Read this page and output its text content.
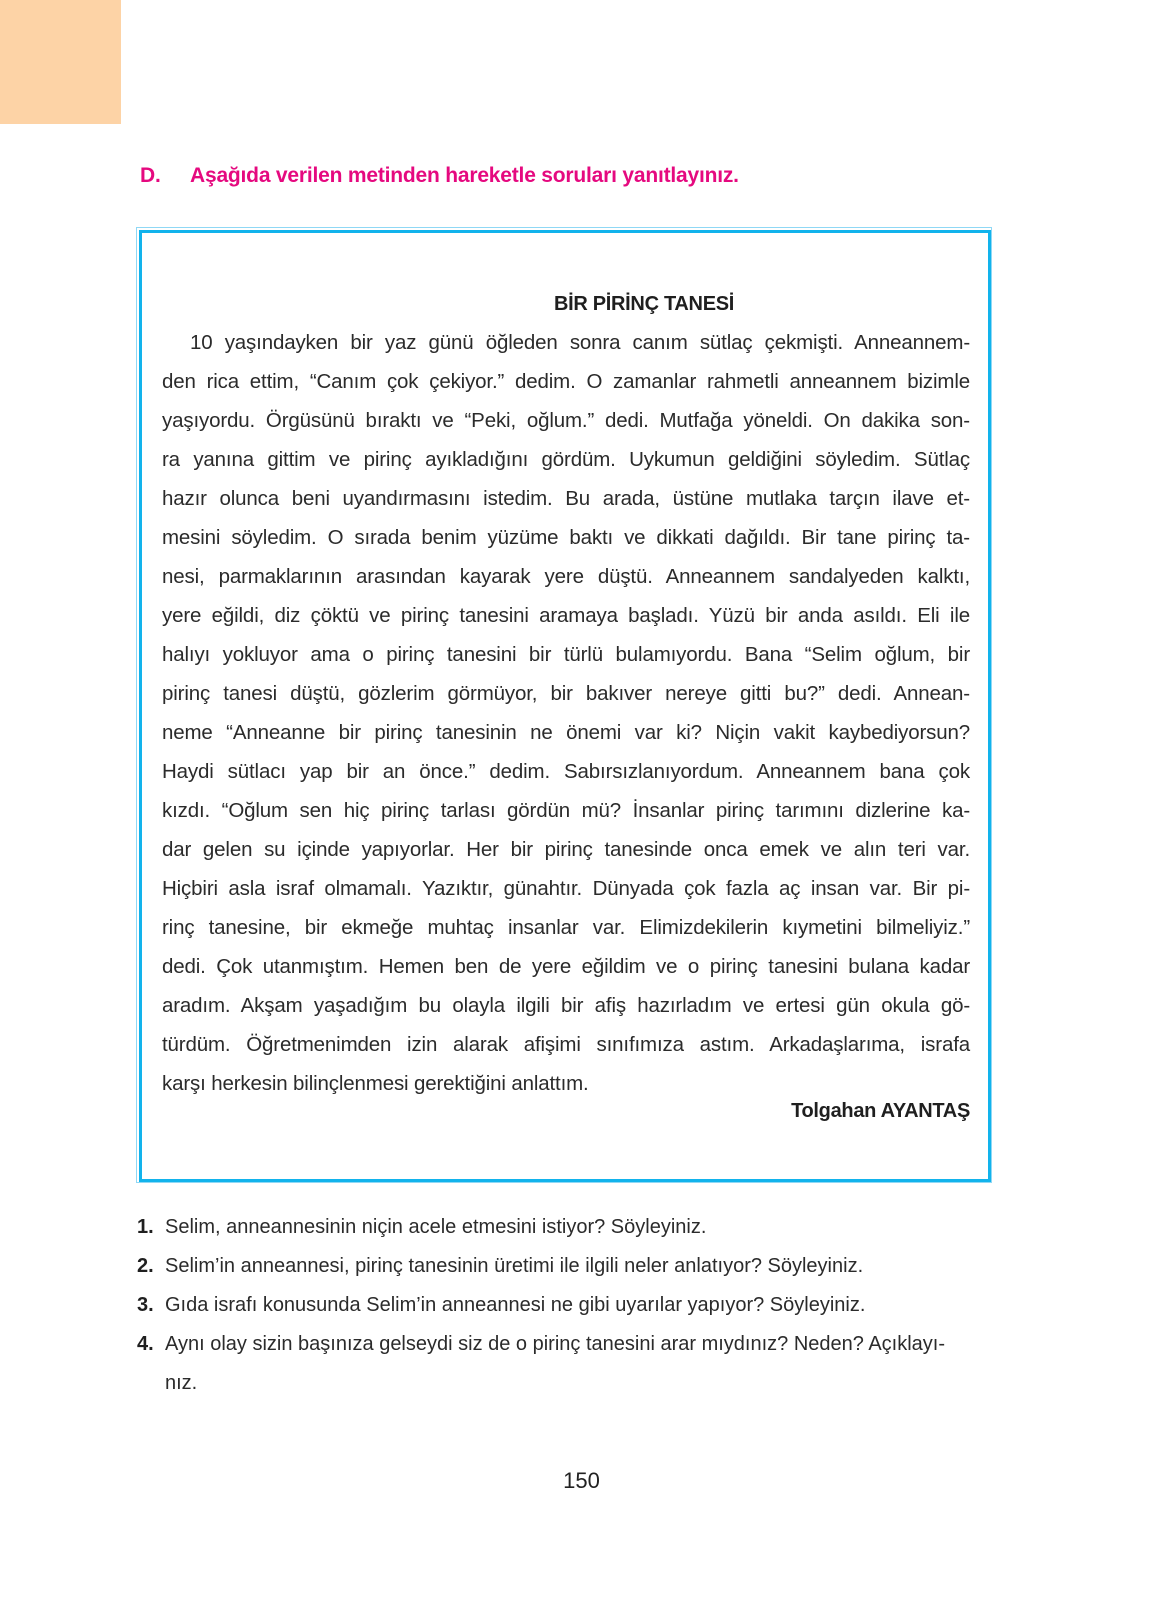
D. Aşağıda verilen metinden hareketle soruları yanıtlayınız.
BİR PİRİNÇ TANESİ
10 yaşındayken bir yaz günü öğleden sonra canım sütlaç çekmişti. Anneannem-
den rica ettim, “Canım çok çekiyor.” dedim. O zamanlar rahmetli anneannem bizimle
yaşıyordu. Örgüsünü bıraktı ve “Peki, oğlum.” dedi. Mutfağa yöneldi. On dakika son-
ra yanına gittim ve pirinç ayıkladığını gördüm. Uykumun geldiğini söyledim. Sütlaç
hazır olunca beni uyandırmasını istedim. Bu arada, üstüne mutlaka tarçın ilave et-
mesini söyledim. O sırada benim yüzüme baktı ve dikkati dağıldı. Bir tane pirinç ta-
nesi, parmaklarının arasından kayarak yere düştü. Anneannem sandalyeden kalktı,
yere eğildi, diz çöktü ve pirinç tanesini aramaya başladı. Yüzü bir anda asıldı. Eli ile
halıyı yokluyor ama o pirinç tanesini bir türlü bulamıyordu. Bana “Selim oğlum, bir
pirinç tanesi düştü, gözlerim görmüyor, bir bakıver nereye gitti bu?” dedi. Annean-
neme “Anneanne bir pirinç tanesinin ne önemi var ki? Niçin vakit kaybediyorsun?
Haydi sütlacı yap bir an önce.” dedim. Sabırsızlanıyordum. Anneannem bana çok
kızdı. “Oğlum sen hiç pirinç tarlası gördün mü? İnsanlar pirinç tarımını dizlerine ka-
dar gelen su içinde yapıyorlar. Her bir pirinç tanesinde onca emek ve alın teri var.
Hiçbiri asla israf olmamalı. Yazıktır, günahtır. Dünyada çok fazla aç insan var. Bir pi-
rinç tanesine, bir ekmeğe muhtaç insanlar var. Elimizdekilerin kıymetini bilmeliyiz.”
dedi. Çok utanmıştım. Hemen ben de yere eğildim ve o pirinç tanesini bulana kadar
aradım. Akşam yaşadığım bu olayla ilgili bir afiş hazırladım ve ertesi gün okula gö-
türdüm. Öğretmenimden izin alarak afişimi sınıfımıza astım. Arkadaşlarıma, israfa
karşı herkesin bilinçlenmesi gerektiğini anlattım.
Tolgahan AYANTAŞ
1. Selim, anneannesinin niçin acele etmesini istiyor? Söyleyiniz.
2. Selim’in anneannesi, pirinç tanesinin üretimi ile ilgili neler anlatıyor? Söyleyiniz.
3. Gıda israfı konusunda Selim’in anneannesi ne gibi uyarılar yapıyor? Söyleyiniz.
4. Aynı olay sizin başınıza gelseydi siz de o pirinç tanesini arar mıydınız? Neden? Açıklayı-
nız.
150
